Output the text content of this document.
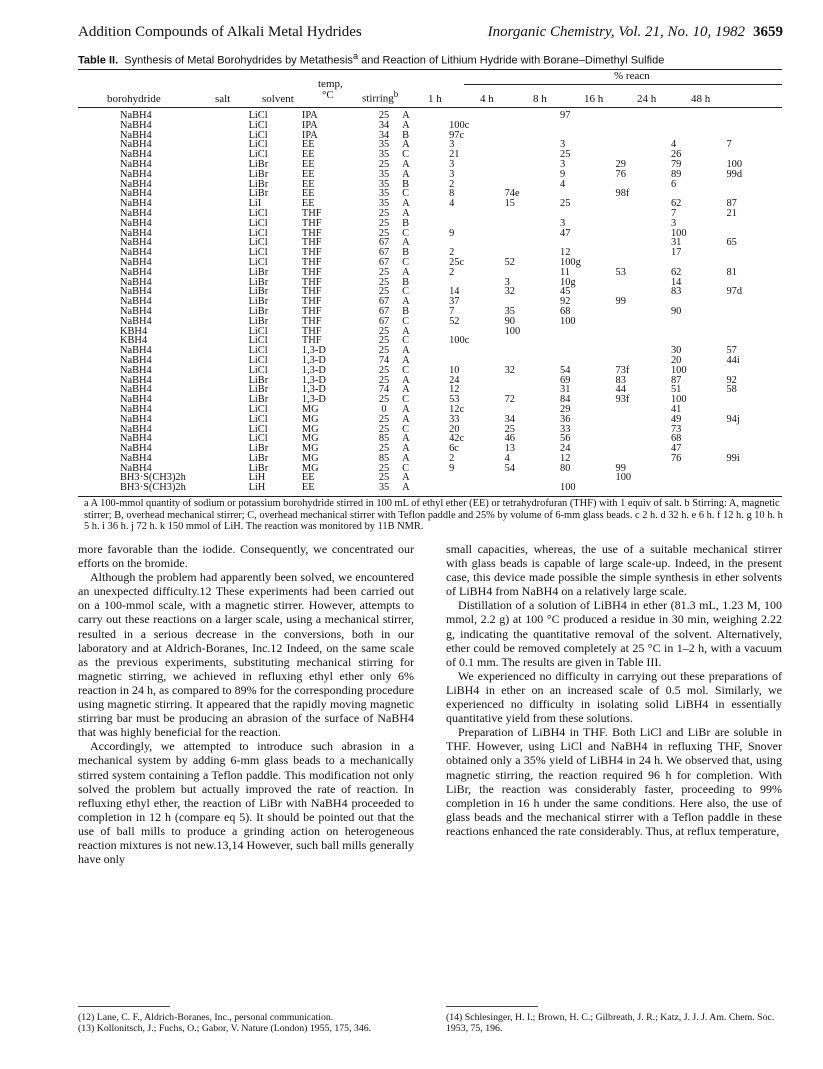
Addition Compounds of Alkali Metal Hydrides	Inorganic Chemistry, Vol. 21, No. 10, 1982 3659
Table II. Synthesis of Metal Borohydrides by Metathesis$^a$ and Reaction of Lithium Hydride with Borane–Dimethyl Sulfide
% reacn
borohydride	salt	solvent
temp,
°C	stirring$^b$	1 h	4 h	8 h	16 h	24 h	48 h
NaBH4	LiCl	IPA	25	A			97			
NaBH4	LiCl	IPA	34	A	100c					
NaBH4	LiCl	IPA	34	B	97c					
NaBH4	LiCl	EE	35	A	3		3		4	7
NaBH4	LiCl	EE	35	C	21		25		26	
NaBH4	LiBr	EE	25	A	3		3	29	79	100
NaBH4	LiBr	EE	35	A	3		9	76	89	99d
NaBH4	LiBr	EE	35	B	2		4		6	
NaBH4	LiBr	EE	35	C	8	74e		98f		
NaBH4	LiI	EE	35	A	4	15	25		62	87
NaBH4	LiCl	THF	25	A					7	21
NaBH4	LiCl	THF	25	B			3		3	
NaBH4	LiCl	THF	25	C	9		47		100	
NaBH4	LiCl	THF	67	A					31	65
NaBH4	LiCl	THF	67	B	2		12		17	
NaBH4	LiCl	THF	67	C	25c	52	100g			
NaBH4	LiBr	THF	25	A	2		11	53	62	81
NaBH4	LiBr	THF	25	B		3	10g		14	
NaBH4	LiBr	THF	25	C	14	32	45		83	97d
NaBH4	LiBr	THF	67	A	37		92	99		
NaBH4	LiBr	THF	67	B	7	35	68		90	
NaBH4	LiBr	THF	67	C	52	90	100			
KBH4	LiCl	THF	25	A		100				
KBH4	LiCl	THF	25	C	100c					
NaBH4	LiCl	1,3-D	25	A					30	57
NaBH4	LiCl	1,3-D	74	A					20	44i
NaBH4	LiCl	1,3-D	25	C	10	32	54	73f	100	
NaBH4	LiBr	1,3-D	25	A	24		69	83	87	92
NaBH4	LiBr	1,3-D	74	A	12		31	44	51	58
NaBH4	LiBr	1,3-D	25	C	53	72	84	93f	100	
NaBH4	LiCl	MG	0	A	12c		29		41	
NaBH4	LiCl	MG	25	A	33	34	36		49	94j
NaBH4	LiCl	MG	25	C	20	25	33		73	
NaBH4	LiCl	MG	85	A	42c	46	56		68	
NaBH4	LiBr	MG	25	A	6c	13	24		47	
NaBH4	LiBr	MG	85	A	2	4	12		76	99i
NaBH4	LiBr	MG	25	C	9	54	80	99		
BH3·S(CH3)2h	LiH	EE	25	A				100		
BH3·S(CH3)2h	LiH	EE	35	A			100			
a A 100-mmol quantity of sodium or potassium borohydride stirred in 100 mL of ethyl ether (EE) or tetrahydrofuran (THF) with 1 equiv of salt. b Stirring: A, magnetic stirrer; B, overhead mechanical stirrer; C, overhead mechanical stirrer with Teflon paddle and 25% by volume of 6-mm glass beads. c 2 h. d 32 h. e 6 h. f 12 h. g 10 h. h 5 h. i 36 h. j 72 h. k 150 mmol of LiH. The reaction was monitored by 11B NMR.

more favorable than the iodide. Consequently, we concentrated our efforts on the bromide.

Although the problem had apparently been solved, we encountered an unexpected difficulty.12 These experiments had been carried out on a 100-mmol scale, with a magnetic stirrer. However, attempts to carry out these reactions on a larger scale, using a mechanical stirrer, resulted in a serious decrease in the conversions, both in our laboratory and at Aldrich-Boranes, Inc.12 Indeed, on the same scale as the previous experiments, substituting mechanical stirring for magnetic stirring, we achieved in refluxing ethyl ether only 6% reaction in 24 h, as compared to 89% for the corresponding procedure using magnetic stirring. It appeared that the rapidly moving magnetic stirring bar must be producing an abrasion of the surface of NaBH4 that was highly beneficial for the reaction.

Accordingly, we attempted to introduce such abrasion in a mechanical system by adding 6-mm glass beads to a mechanically stirred system containing a Teflon paddle. This modification not only solved the problem but actually improved the rate of reaction. In refluxing ethyl ether, the reaction of LiBr with NaBH4 proceeded to completion in 12 h (compare eq 5). It should be pointed out that the use of ball mills to produce a grinding action on heterogeneous reaction mixtures is not new.13,14 However, such ball mills generally have only

small capacities, whereas, the use of a suitable mechanical stirrer with glass beads is capable of large scale-up. Indeed, in the present case, this device made possible the simple synthesis in ether solvents of LiBH4 from NaBH4 on a relatively large scale.

Distillation of a solution of LiBH4 in ether (81.3 mL, 1.23 M, 100 mmol, 2.2 g) at 100 °C produced a residue in 30 min, weighing 2.22 g, indicating the quantitative removal of the solvent. Alternatively, ether could be removed completely at 25 °C in 1–2 h, with a vacuum of 0.1 mm. The results are given in Table III.

We experienced no difficulty in carrying out these preparations of LiBH4 in ether on an increased scale of 0.5 mol. Similarly, we experienced no difficulty in isolating solid LiBH4 in essentially quantitative yield from these solutions.

Preparation of LiBH4 in THF. Both LiCl and LiBr are soluble in THF. However, using LiCl and NaBH4 in refluxing THF, Snover obtained only a 35% yield of LiBH4 in 24 h. We observed that, using magnetic stirring, the reaction required 96 h for completion. With LiBr, the reaction was considerably faster, proceeding to 99% completion in 16 h under the same conditions. Here also, the use of glass beads and the mechanical stirrer with a Teflon paddle in these reactions enhanced the rate considerably. Thus, at reflux temperature,

(12) Lane, C. F., Aldrich-Boranes, Inc., personal communication.
(13) Kollonitsch, J.; Fuchs, O.; Gabor, V. Nature (London) 1955, 175, 346.
(14) Schlesinger, H. I.; Brown, H. C.; Gilbreath, J. R.; Katz, J. J. J. Am. Chem. Soc. 1953, 75, 196.
